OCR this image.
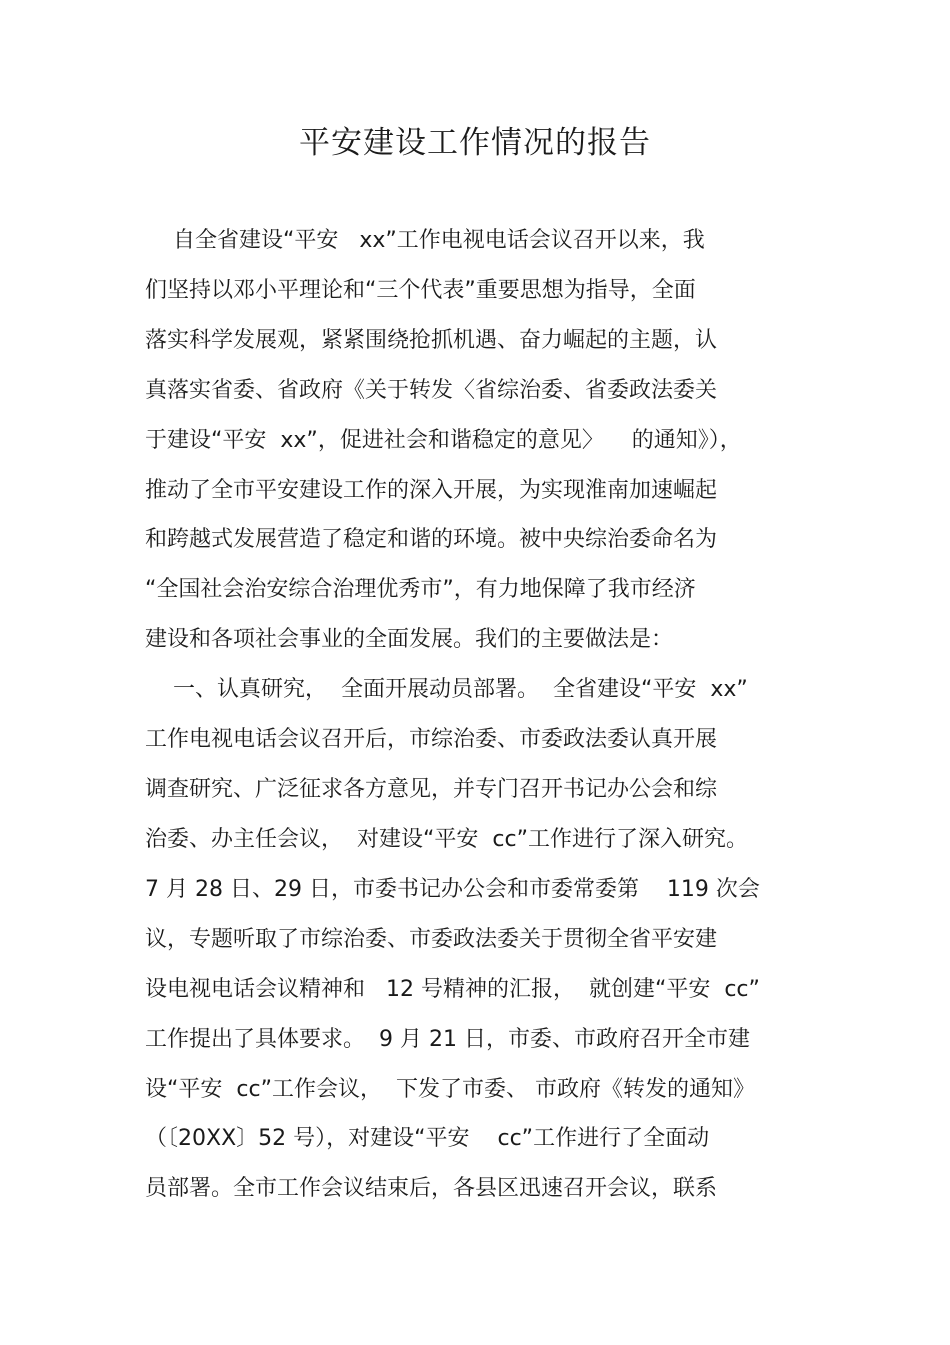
平安建设工作情况的报告
自全省建设“平安   xx”工作电视电话会议召开以来，我
们坚持以邓小平理论和“三个代表”重要思想为指导，全面
落实科学发展观，紧紧围绕抢抓机遇、奋力崛起的主题，认
真落实省委、省政府《关于转发〈省综治委、省委政法委关
于建设“平安  xx”，促进社会和谐稳定的意见〉    的通知》），
推动了全市平安建设工作的深入开展，为实现淮南加速崛起
和跨越式发展营造了稳定和谐的环境。被中央综治委命名为
“全国社会治安综合治理优秀市”，有力地保障了我市经济
建设和各项社会事业的全面发展。我们的主要做法是：
一、认真研究，  全面开展动员部署。  全省建设“平安  xx”
工作电视电话会议召开后，市综治委、市委政法委认真开展
调查研究、广泛征求各方意见，并专门召开书记办公会和综
治委、办主任会议，  对建设“平安  cc”工作进行了深入研究。
7 月 28 日、29 日，市委书记办公会和市委常委第    119 次会
议，专题听取了市综治委、市委政法委关于贯彻全省平安建
设电视电话会议精神和   12 号精神的汇报，  就创建“平安  cc”
工作提出了具体要求。  9 月 21 日，市委、市政府召开全市建
设“平安  cc”工作会议，  下发了市委、 市政府《转发的通知》
（〔20XX〕52 号），对建设“平安    cc”工作进行了全面动
员部署。全市工作会议结束后，各县区迅速召开会议，联系
